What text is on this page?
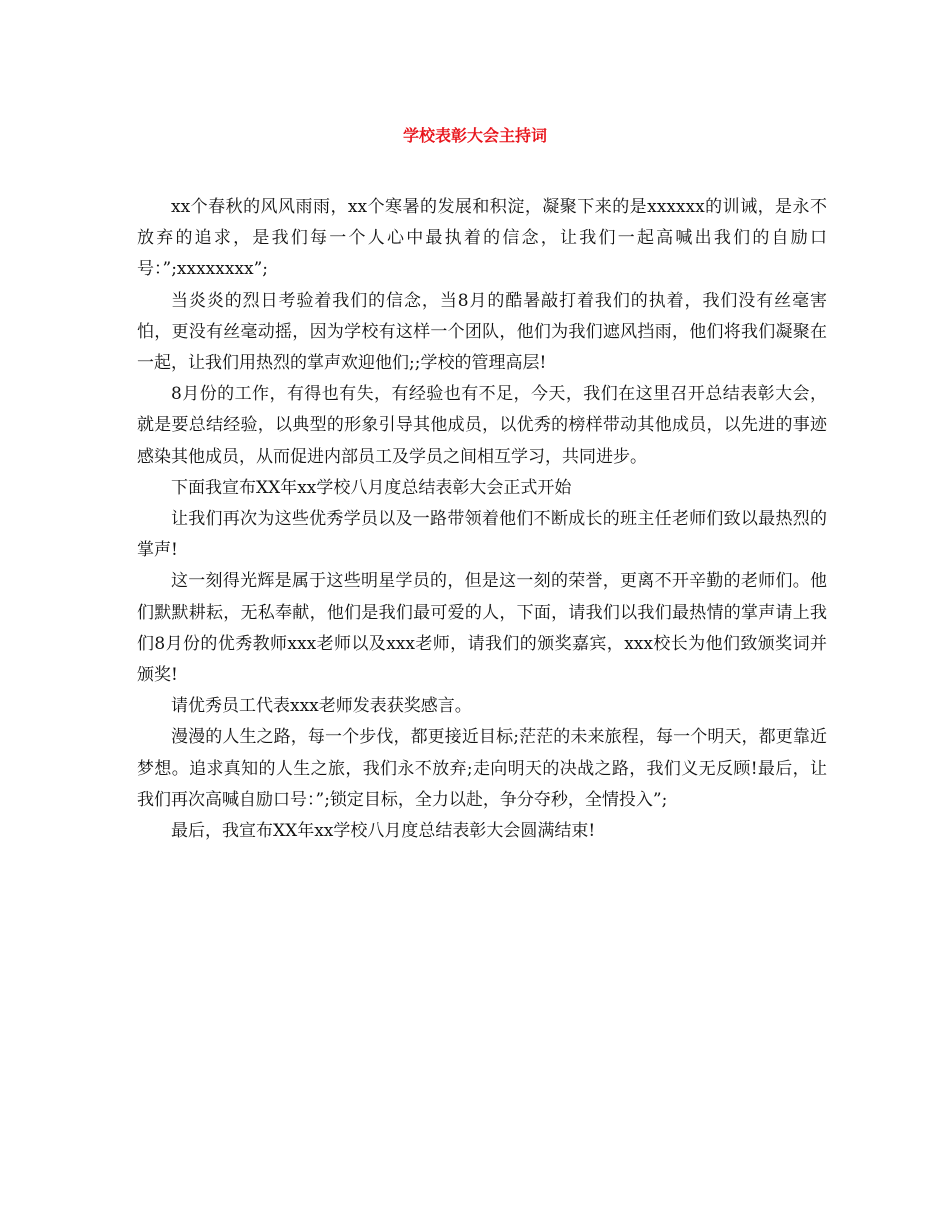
学校表彰大会主持词

xx个春秋的风风雨雨，xx个寒暑的发展和积淀，凝聚下来的是xxxxxx的训诫，是永不放弃的追求，是我们每一个人心中最执着的信念，让我们一起高喊出我们的自励口号：”;xxxxxxxx”;

当炎炎的烈日考验着我们的信念，当8月的酷暑敲打着我们的执着，我们没有丝毫害怕，更没有丝毫动摇，因为学校有这样一个团队，他们为我们遮风挡雨，他们将我们凝聚在一起，让我们用热烈的掌声欢迎他们;;学校的管理高层!

8月份的工作，有得也有失，有经验也有不足，今天，我们在这里召开总结表彰大会，就是要总结经验，以典型的形象引导其他成员，以优秀的榜样带动其他成员，以先进的事迹感染其他成员，从而促进内部员工及学员之间相互学习，共同进步。

下面我宣布XX年xx学校八月度总结表彰大会正式开始

让我们再次为这些优秀学员以及一路带领着他们不断成长的班主任老师们致以最热烈的掌声!

这一刻得光辉是属于这些明星学员的，但是这一刻的荣誉，更离不开辛勤的老师们。他们默默耕耘，无私奉献，他们是我们最可爱的人，下面，请我们以我们最热情的掌声请上我们8月份的优秀教师xxx老师以及xxx老师，请我们的颁奖嘉宾，xxx校长为他们致颁奖词并颁奖!

请优秀员工代表xxx老师发表获奖感言。

漫漫的人生之路，每一个步伐，都更接近目标;茫茫的未来旅程，每一个明天，都更靠近梦想。追求真知的人生之旅，我们永不放弃;走向明天的决战之路，我们义无反顾!最后，让我们再次高喊自励口号：”;锁定目标，全力以赴，争分夺秒，全情投入”;

最后，我宣布XX年xx学校八月度总结表彰大会圆满结束!
